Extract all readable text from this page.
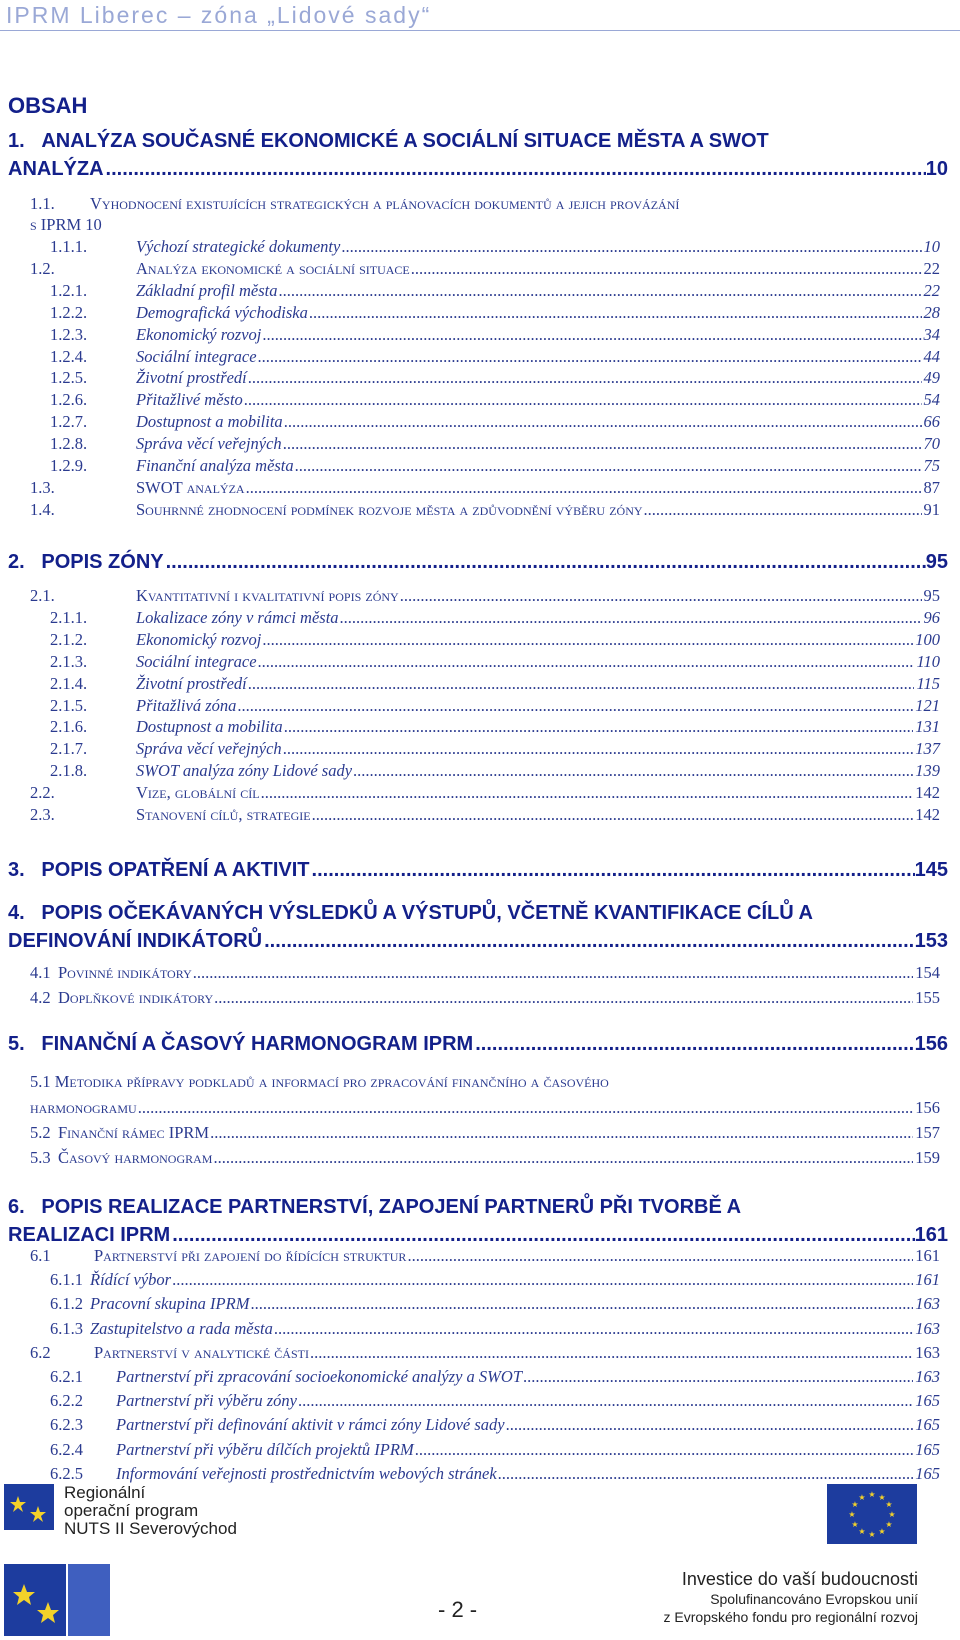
IPRM Liberec – zóna „Lidové sady“
OBSAH
1. ANALÝZA SOUČASNÉ EKONOMICKÉ A SOCIÁLNÍ SITUACE MĚSTA A SWOT
ANALÝZA .....	10
1.1.	Vyhodnocení existujících strategických a plánovacích dokumentů a jejich provázání
s IPRM 10
1.1.1.	Výchozí strategické dokumenty .....	10
1.2.	Analýza ekonomické a sociální situace .....	22
1.2.1.	Základní profil města .....	22
1.2.2.	Demografická východiska .....	28
1.2.3.	Ekonomický rozvoj .....	34
1.2.4.	Sociální integrace .....	44
1.2.5.	Životní prostředí .....	49
1.2.6.	Přitažlivé město .....	54
1.2.7.	Dostupnost a mobilita .....	66
1.2.8.	Správa věcí veřejných .....	70
1.2.9.	Finanční analýza města .....	75
1.3.	SWOT analýza .....	87
1.4.	Souhrnné zhodnocení podmínek rozvoje města a zdůvodnění výběru zóny .....	91
2.
POPIS ZÓNY .....	95
2.1.	Kvantitativní i kvalitativní popis zóny .....	95
2.1.1.	Lokalizace zóny v rámci města .....	96
2.1.2.	Ekonomický rozvoj .....	100
2.1.3.	Sociální integrace .....	110
2.1.4.	Životní prostředí .....	115
2.1.5.	Přitažlivá zóna .....	121
2.1.6.	Dostupnost a mobilita .....	131
2.1.7.	Správa věcí veřejných .....	137
2.1.8.	SWOT analýza zóny Lidové sady .....	139
2.2.	Vize, globální cíl .....	142
2.3.	Stanovení cílů, strategie .....	142
3.
POPIS OPATŘENÍ A AKTIVIT .....	145
4. POPIS OČEKÁVANÝCH VÝSLEDKŮ A VÝSTUPŮ, VČETNĚ KVANTIFIKACE CÍLŮ A
DEFINOVÁNÍ INDIKÁTORŮ .....	153
4.1 Povinné indikátory .....	154
4.2 Doplňkové indikátory .....	155
5.
FINANČNÍ A ČASOVÝ HARMONOGRAM IPRM .....	156
5.1
Metodika přípravy podkladů a informací pro zpracování finančního a časového
harmonogramu .....	156
5.2 Finanční rámec IPRM .....	157
5.3 Časový harmonogram .....	159
6. POPIS REALIZACE PARTNERSTVÍ, ZAPOJENÍ PARTNERŮ PŘI TVORBĚ A
REALIZACI IPRM .....	161
6.1	Partnerství při zapojení do řídících struktur .....	161
6.1.1 Řídící výbor .....	161
6.1.2 Pracovní skupina IPRM .....	163
6.1.3 Zastupitelstvo a rada města .....	163
6.2	Partnerství v analytické části .....	163
6.2.1	Partnerství při zpracování socioekonomické analýzy a SWOT .....	163
6.2.2	Partnerství při výběru zóny .....	165
6.2.3	Partnerství při definování aktivit v rámci zóny Lidové sady .....	165
6.2.4	Partnerství při výběru dílčích projektů IPRM .....	165
6.2.5	Informování veřejnosti prostřednictvím webových stránek .....	165
Regionální
operační program
NUTS II Severovýchod
- 2 -
★ ★
★
★
★
★
★
★
★
★
★
★
Investice do vaší budoucnosti
Spolufinancováno Evropskou unií
z Evropského fondu pro regionální rozvoj
